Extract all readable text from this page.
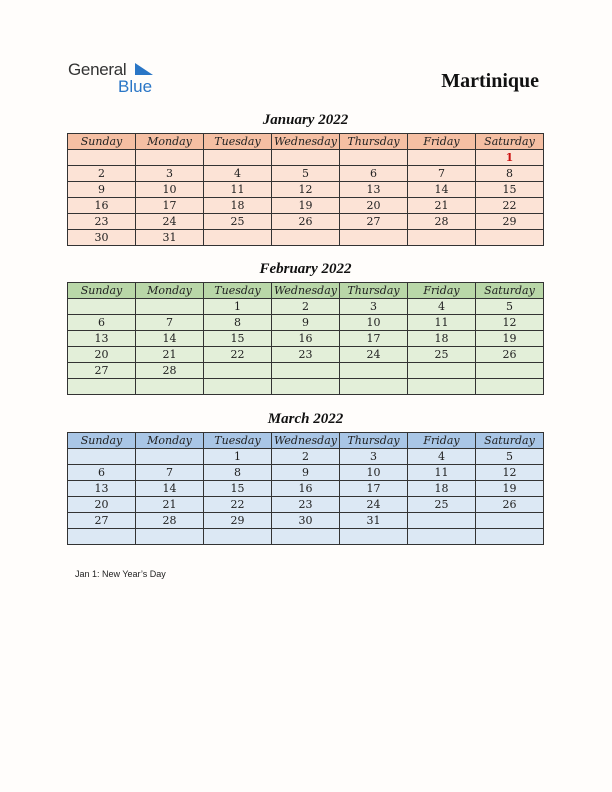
General
Blue	Martinique
January 2022
Sunday	Monday	Tuesday	Wednesday	Thursday	Friday	Saturday
						1
2	3	4	5	6	7	8
9	10	11	12	13	14	15
16	17	18	19	20	21	22
23	24	25	26	27	28	29
30	31					
February 2022
Sunday	Monday	Tuesday	Wednesday	Thursday	Friday	Saturday
		1	2	3	4	5
6	7	8	9	10	11	12
13	14	15	16	17	18	19
20	21	22	23	24	25	26
27	28					

March 2022
Sunday	Monday	Tuesday	Wednesday	Thursday	Friday	Saturday
		1	2	3	4	5
6	7	8	9	10	11	12
13	14	15	16	17	18	19
20	21	22	23	24	25	26
27	28	29	30	31		

Jan 1: New Year’s Day
